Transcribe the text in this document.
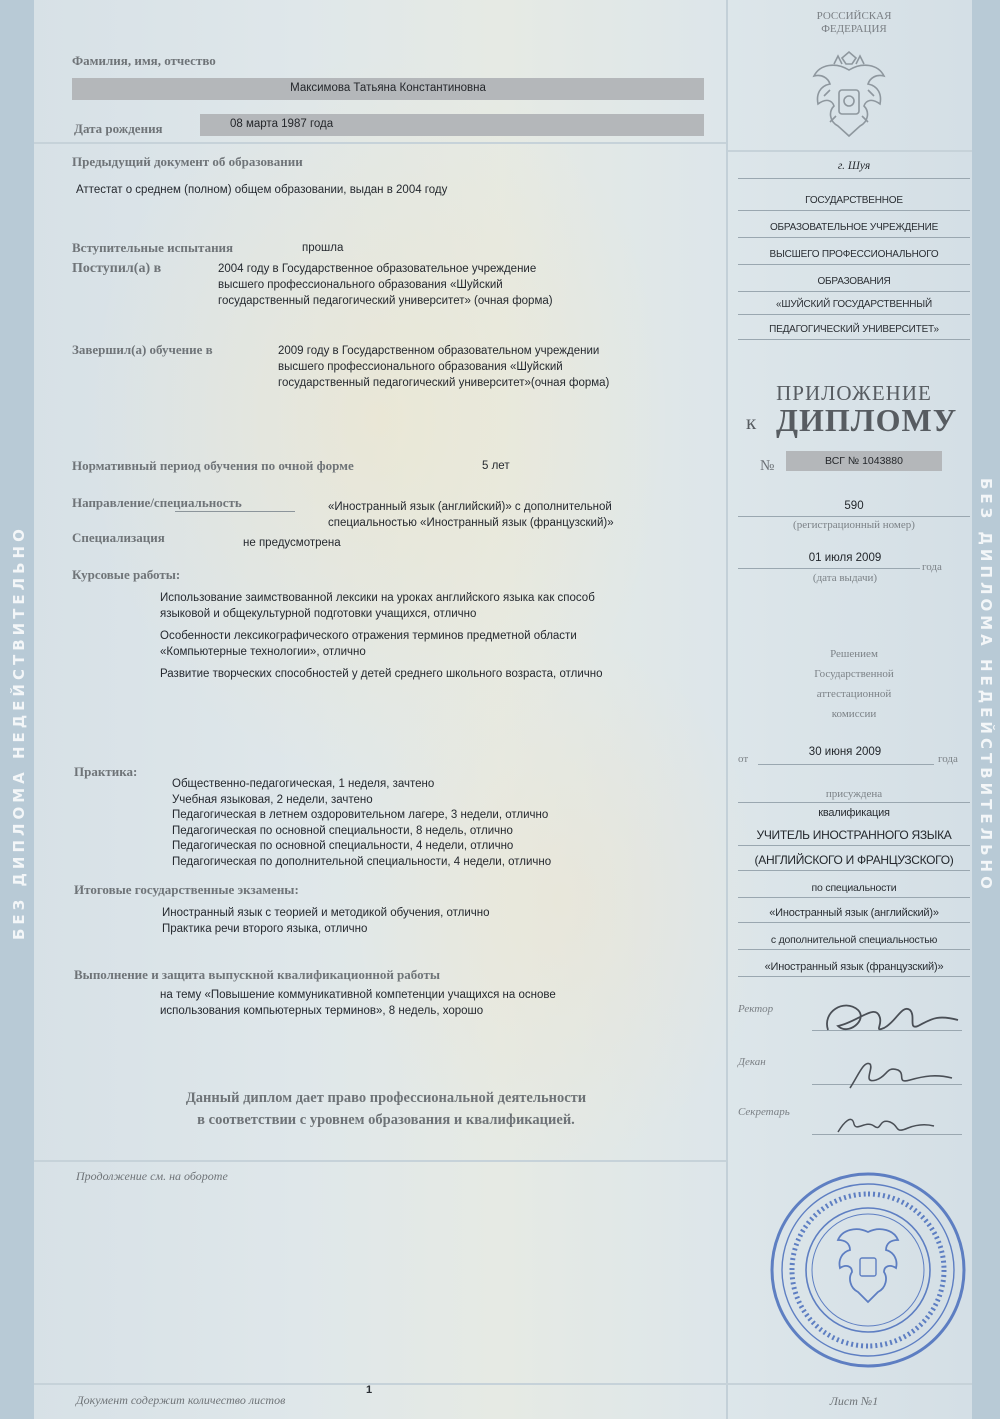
БЕЗ ДИПЛОМА НЕДЕЙСТВИТЕЛЬНО	БЕЗ ДИПЛОМА НЕДЕЙСТВИТЕЛЬНО
Фамилия, имя, отчество
Максимова Татьяна Константиновна
Дата рождения	08 марта 1987 года
Предыдущий документ об образовании
Аттестат о среднем (полном) общем образовании, выдан в 2004 году
Вступительные испытания	прошла
Поступил(а) в	2004 году в Государственное образовательное учреждение
высшего профессионального образования «Шуйский
государственный педагогический университет» (очная форма)
Завершил(а) обучение в	2009 году в Государственном образовательном учреждении
высшего профессионального образования «Шуйский
государственный педагогический университет»(очная форма)
Нормативный период обучения по очной форме	5 лет
Направление/специальность	«Иностранный язык (английский)» с дополнительной
специальностью «Иностранный язык (французский)»
Специализация	не предусмотрена
Курсовые работы:
Использование заимствованной лексики на уроках английского языка как способ
языковой и общекультурной подготовки учащихся, отлично
Особенности лексикографического отражения терминов предметной области
«Компьютерные технологии», отлично
Развитие творческих способностей у детей среднего школьного возраста, отлично
Практика:
Общественно-педагогическая, 1 неделя, зачтено
Учебная языковая, 2 недели, зачтено
Педагогическая в летнем оздоровительном лагере, 3 недели, отлично
Педагогическая по основной специальности, 8 недель, отлично
Педагогическая по основной специальности, 4 недели, отлично
Педагогическая по дополнительной специальности, 4 недели, отлично
Итоговые государственные экзамены:
Иностранный язык с теорией и методикой обучения, отлично
Практика речи второго языка, отлично
Выполнение и защита выпускной квалификационной работы
на тему «Повышение коммуникативной компетенции учащихся на основе
использования компьютерных терминов», 8 недель, хорошо
Данный диплом дает право профессиональной деятельности
в соответствии с уровнем образования и квалификацией.
Продолжение см. на обороте
Документ содержит количество листов
1
РОССИЙСКАЯ
ФЕДЕРАЦИЯ
г. Шуя
ГОСУДАРСТВЕННОЕ
ОБРАЗОВАТЕЛЬНОЕ УЧРЕЖДЕНИЕ
ВЫСШЕГО ПРОФЕССИОНАЛЬНОГО
ОБРАЗОВАНИЯ
«ШУЙСКИЙ ГОСУДАРСТВЕННЫЙ
ПЕДАГОГИЧЕСКИЙ УНИВЕРСИТЕТ»
ПРИЛОЖЕНИЕ
к ДИПЛОМУ
№	ВСГ № 1043880
590
(регистрационный номер)
01 июля 2009
года
(дата выдачи)
Решением
Государственной
аттестационной
комиссии
от
30 июня 2009
года
присуждена
квалификация
УЧИТЕЛЬ ИНОСТРАННОГО ЯЗЫКА
(АНГЛИЙСКОГО И ФРАНЦУЗСКОГО)
по специальности
«Иностранный язык (английский)»
с дополнительной специальностью
«Иностранный язык (французский)»
Ректор
Декан
Секретарь
Лист №1
